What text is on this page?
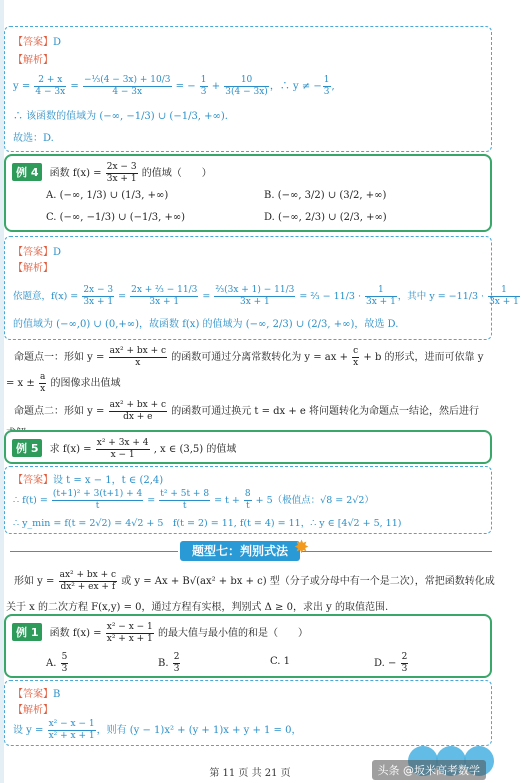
【答案】D
【解析】
$y = \frac{2 + x}{4 - 3x} = \frac{\text{−⅓(4 − 3x) + 10/3}}{4 - 3x}$ = − $\frac{1}{3} + \frac{10}{3(4 - 3x)}$ ，∴ y ≠ − $\frac{1}{3}$ ,
∴ 该函数的值域为 (−∞, −1/3) ∪ (−1/3, +∞).
故选：D.
例 4 函数 $f(x) = \frac{2x - 3}{3x + 1}$ 的值域（　　）
A. (−∞, 1/3) ∪ (1/3, +∞)	B. (−∞, 3/2) ∪ (3/2, +∞)
C. (−∞, −1/3) ∪ (−1/3, +∞)	D. (−∞, 2/3) ∪ (2/3, +∞)
【答案】D
【解析】
依题意，$f(x) = \frac{2x - 3}{3x + 1} = \frac{\text{2x + ⅔ − 11/3}}{3x + 1} = \frac{\text{⅔(3x + 1) − 11/3}}{3x + 1}$ = ⅔ − $11/3 \cdot \frac{1}{3x + 1}$ ，其中 $y = -11/3 \cdot \frac{1}{3x + 1}$
的值域为 (−∞,0) ∪ (0,+∞)，故函数 f(x) 的值域为 (−∞, 2/3) ∪ (2/3, +∞)，故选 D.
命题点一：形如 $y = \frac{\text{ax² + bx + c}}{x}$ 的函数可通过分离常数转化为 y = ax + $\frac{c}{x} + b$ 的形式，进而可依靠 y
= $x \pm \frac{a}{x}$ 的图像求出值域
命题点二：形如 $y = \frac{\text{ax² + bx + c}}{dx + e}$ 的函数可通过换元 t = dx + e 将问题转化为命题点一结论，然后进行
例 5 求 $f(x) = \frac{\text{x² + 3x + 4}}{x - 1}$ , x ∈ (3,5) 的值域
【答案】设 t = x − 1，t ∈ (2,4)
∴ $f(t) = \frac{\text{(t+1)² + 3(t+1) + 4}}{t} = \frac{\text{t² + 5t + 8}}{t} = t + \frac{8}{t} + 5$（极值点：√8 = 2√2）
∴ y_min = f(t = 2√2) = 4√2 + 5　f(t = 2) = 11, f(t = 4) = 11，∴ y ∈ [4√2 + 5, 11)
题型七：判别式法 ✸
形如 $y = \frac{\text{ax² + bx + c}}{\text{dx² + ex + f}}$ 或 y = Ax + B√(ax² + bx + c) 型（分子或分母中有一个是二次），常把函数转化成
关于 x 的二次方程 F(x,y) = 0，通过方程有实根，判别式 Δ ≥ 0，求出 y 的取值范围.
例 1 函数 $f(x) = \frac{\text{x² − x − 1}}{\text{x² + x + 1}}$ 的最大值与最小值的和是（　　）
A. $\frac{5}{3}$	B. $\frac{2}{3}$	C. 1	D. − $\frac{2}{3}$
【答案】B
【解析】
设 $y = \frac{\text{x² − x − 1}}{\text{x² + x + 1}}$ ，则有 (y − 1)x² + (y + 1)x + y + 1 = 0，
第 11 页 共 21 页	头条 @坂米高考数学
